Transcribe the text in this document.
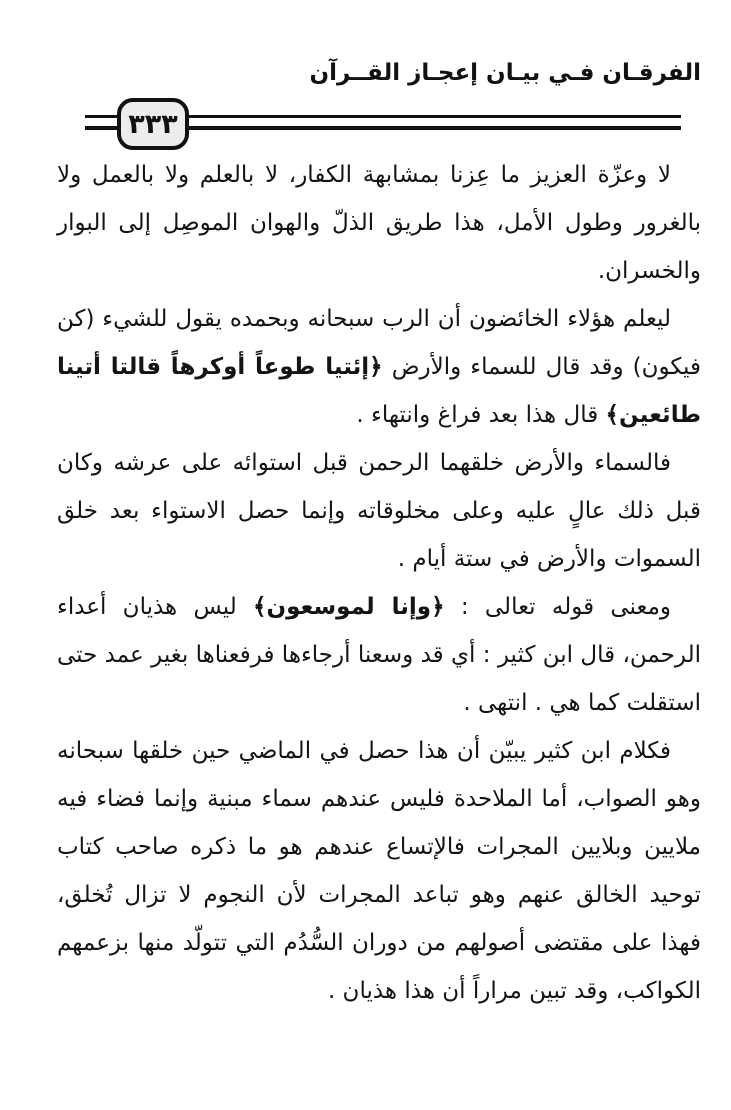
الفرقـان فـي بيـان إعجـاز القــرآن
٣٣٣

لا وعزّة العزيز ما عِزنا بمشابهة الكفار، لا بالعلم ولا بالعمل ولا بالغرور وطول الأمل، هذا طريق الذلّ والهوان الموصِل إلى البوار والخسران.

ليعلم هؤلاء الخائضون أن الرب سبحانه وبحمده يقول للشيء (كن فيكون) وقد قال للسماء والأرض ﴿إئتيا طوعاً أوكرهاً قالتا أتينا طائعين﴾ قال هذا بعد فراغ وانتهاء .

فالسماء والأرض خلقهما الرحمن قبل استوائه على عرشه وكان قبل ذلك عالٍ عليه وعلى مخلوقاته وإنما حصل الاستواء بعد خلق السموات والأرض في ستة أيام .

ومعنى قوله تعالى : ﴿وإنا لموسعون﴾ ليس هذيان أعداء الرحمن، قال ابن كثير : أي قد وسعنا أرجاءها فرفعناها بغير عمد حتى استقلت كما هي . انتهى .

فكلام ابن كثير يبيّن أن هذا حصل في الماضي حين خلقها سبحانه وهو الصواب، أما الملاحدة فليس عندهم سماء مبنية وإنما فضاء فيه ملايين وبلايين المجرات فالإتساع عندهم هو ما ذكره صاحب كتاب توحيد الخالق عنهم وهو تباعد المجرات لأن النجوم لا تزال تُخلق، فهذا على مقتضى أصولهم من دوران السُّدُم التي تتولّد منها بزعمهم الكواكب، وقد تبين مراراً أن هذا هذيان .
